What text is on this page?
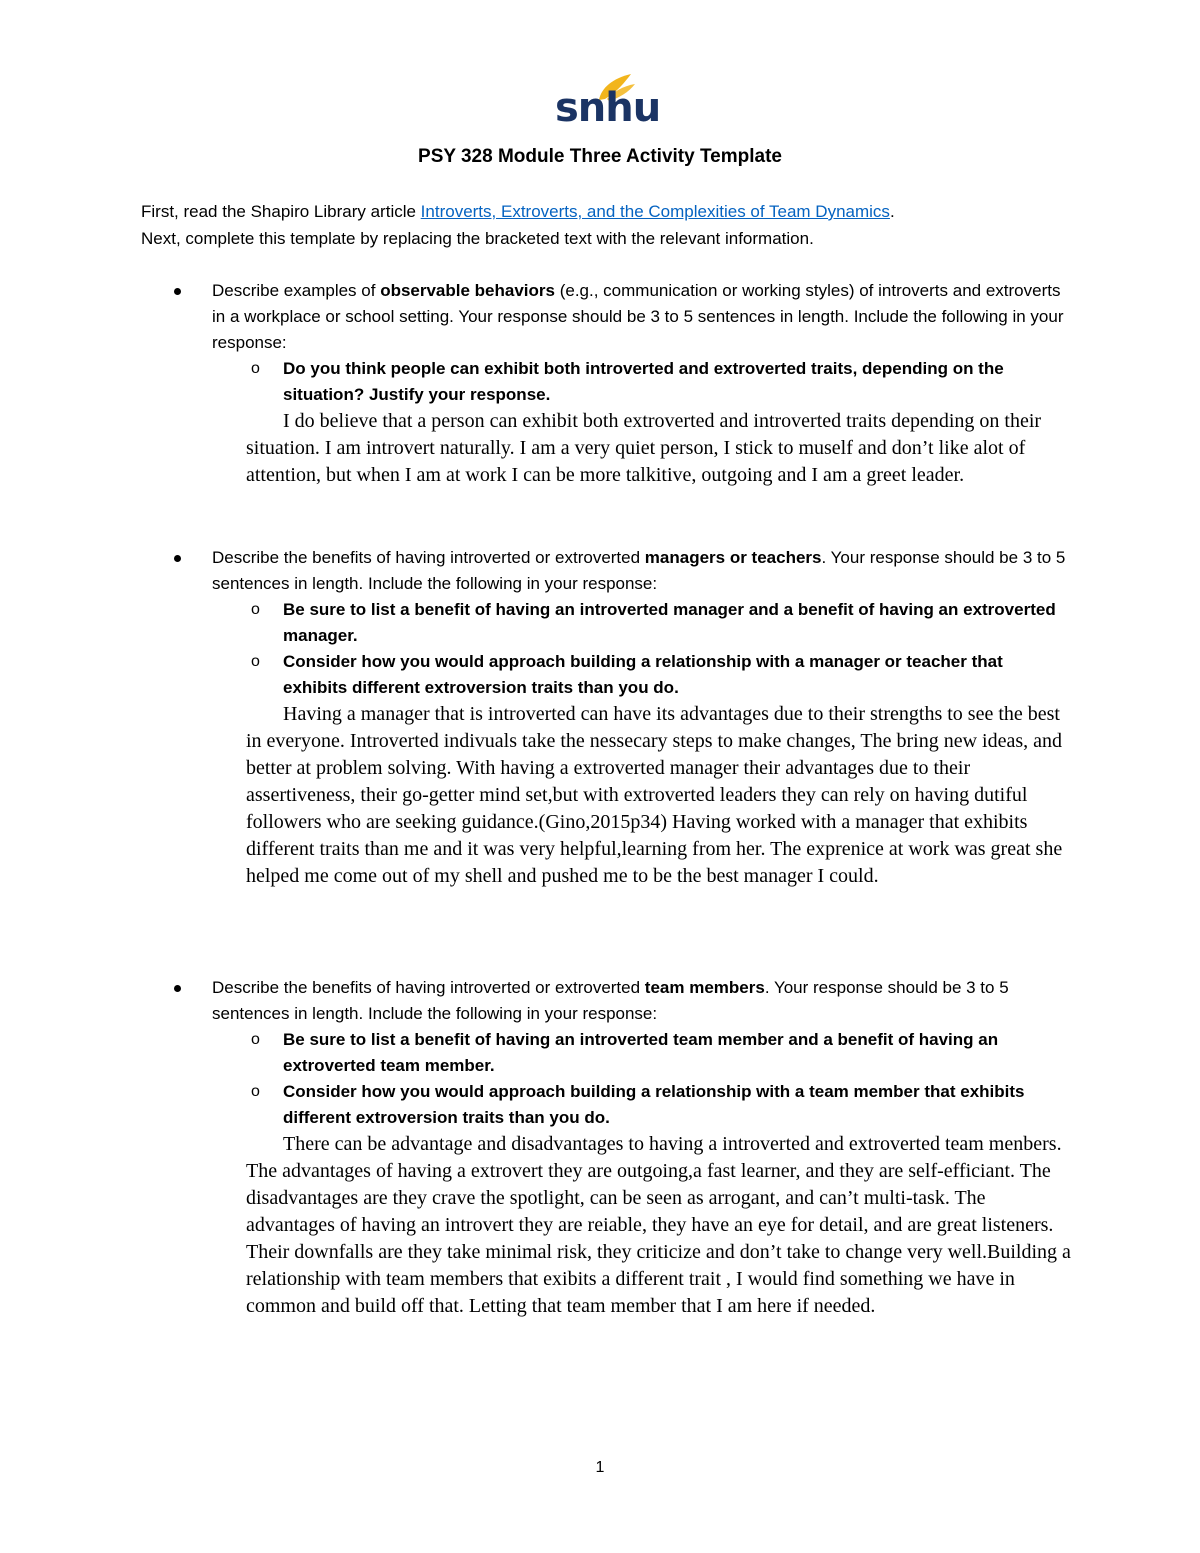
snhu
PSY 328 Module Three Activity Template
First, read the Shapiro Library article Introverts, Extroverts, and the Complexities of Team Dynamics.
Next, complete this template by replacing the bracketed text with the relevant information.
Describe examples of observable behaviors (e.g., communication or working styles) of introverts and extroverts in a workplace or school setting. Your response should be 3 to 5 sentences in length. Include the following in your response:
o Do you think people can exhibit both introverted and extroverted traits, depending on the situation? Justify your response.
I do believe that a person can exhibit both extroverted and introverted traits depending on their situation. I am introvert naturally. I am a very quiet person, I stick to muself and don’t like alot of attention, but when I am at work I can be more talkitive, outgoing and I am a greet leader.
Describe the benefits of having introverted or extroverted managers or teachers. Your response should be 3 to 5 sentences in length. Include the following in your response:
o Be sure to list a benefit of having an introverted manager and a benefit of having an extroverted manager.
o Consider how you would approach building a relationship with a manager or teacher that exhibits different extroversion traits than you do.
Having a manager that is introverted can have its advantages due to their strengths to see the best in everyone. Introverted indivuals take the nessecary steps to make changes, The bring new ideas, and better at problem solving. With having a extroverted manager their advantages due to their assertiveness, their go-getter mind set,but with extroverted leaders they can rely on having dutiful followers who are seeking guidance.(Gino,2015p34) Having worked with a manager that exhibits different traits than me and it was very helpful,learning from her. The exprenice at work was great she helped me come out of my shell and pushed me to be the best manager I could.
Describe the benefits of having introverted or extroverted team members. Your response should be 3 to 5 sentences in length. Include the following in your response:
o Be sure to list a benefit of having an introverted team member and a benefit of having an extroverted team member.
o Consider how you would approach building a relationship with a team member that exhibits different extroversion traits than you do.
There can be advantage and disadvantages to having a introverted and extroverted team menbers. The advantages of having a extrovert they are outgoing,a fast learner, and they are self-efficiant. The disadvantages are they crave the spotlight, can be seen as arrogant, and can’t multi-task. The advantages of having an introvert they are reiable, they have an eye for detail, and are great listeners. Their downfalls are they take minimal risk, they criticize and don’t take to change very well.Building a relationship with team members that exibits a different trait , I would find something we have in common and build off that. Letting that team member that I am here if needed.
1
